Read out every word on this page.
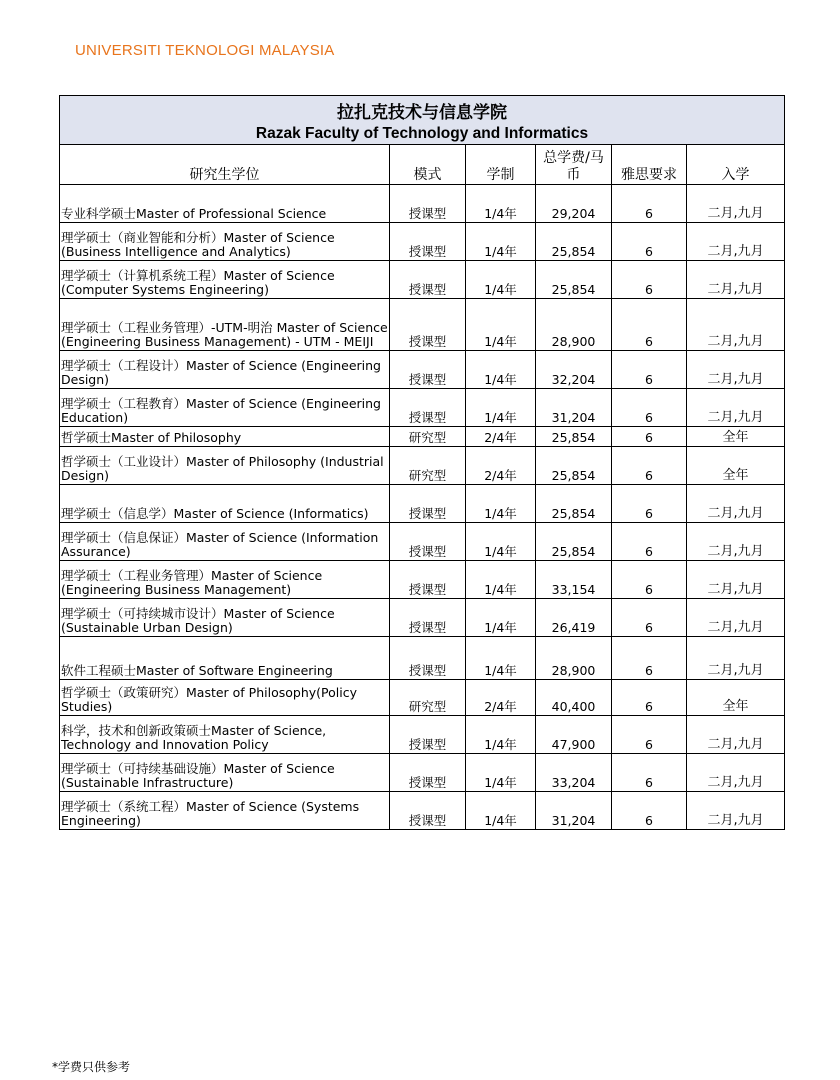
UNIVERSITI TEKNOLOGI MALAYSIA
拉扎克技术与信息学院
Razak Faculty of Technology and Informatics					

研究生学位	模式	学制	总学费/马币	雅思要求	入学
专业科学硕士Master of Professional Science	授课型	1/4年	29,204	6	二月,九月
理学硕士（商业智能和分析）Master of Science (Business Intelligence and Analytics)	授课型	1/4年	25,854	6	二月,九月
理学硕士（计算机系统工程）Master of Science (Computer Systems Engineering)	授课型	1/4年	25,854	6	二月,九月
理学硕士（工程业务管理）-UTM-明治 Master of Science (Engineering Business Management) - UTM - MEIJI	授课型	1/4年	28,900	6	二月,九月
理学硕士（工程设计）Master of Science (Engineering Design)	授课型	1/4年	32,204	6	二月,九月
理学硕士（工程教育）Master of Science (Engineering Education)	授课型	1/4年	31,204	6	二月,九月
哲学硕士Master of Philosophy	研究型	2/4年	25,854	6	全年
哲学硕士（工业设计）Master of Philosophy (Industrial Design)	研究型	2/4年	25,854	6	全年
理学硕士（信息学）Master of Science (Informatics)	授课型	1/4年	25,854	6	二月,九月
理学硕士（信息保证）Master of Science (Information Assurance)	授课型	1/4年	25,854	6	二月,九月
理学硕士（工程业务管理）Master of Science (Engineering Business Management)	授课型	1/4年	33,154	6	二月,九月
理学硕士（可持续城市设计）Master of Science (Sustainable Urban Design)	授课型	1/4年	26,419	6	二月,九月
软件工程硕士Master of Software Engineering	授课型	1/4年	28,900	6	二月,九月
哲学硕士（政策研究）Master of Philosophy(Policy Studies)	研究型	2/4年	40,400	6	全年
科学，技术和创新政策硕士Master of Science, Technology and Innovation Policy	授课型	1/4年	47,900	6	二月,九月
理学硕士（可持续基础设施）Master of Science (Sustainable Infrastructure)	授课型	1/4年	33,204	6	二月,九月
理学硕士（系统工程）Master of Science (Systems Engineering)	授课型	1/4年	31,204	6	二月,九月
*学费只供参考
